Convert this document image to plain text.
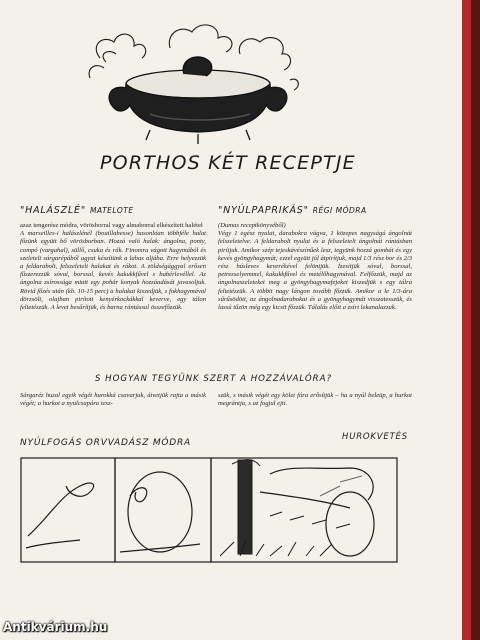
PORTHOS KÉT RECEPTJE
"HALÁSZLÉ" MATELOTE

azaz tengerész módra, vörösborral vagy almaborral elkészített halétel

A marseilles-i halászlénél (bouillabesse) hasonlóan többféle halat főzünk együtt bő vörösborban. Hozzá való halak: ángolna, ponty, compó (vargahal), süllő, csuka és rák. Finomra vágott hagymából és szeletelt sárgarépából agyat készítünk a labas aljába. Erre helyezzük a feldarabolt, felszeletelt halakat és rákot. A zöldségággyal erősen fűszerezzük sóval, borssal, kevés kakukkfűvel s babérlevéllel. Az ángolna zsírossága miatt egy pohár konyak hozzáadását javasoljuk. Rövid főzés után (kb. 10-15 perc) a halakat kiszedjük, s fokhagymával dörzsölt, olajban pirított kenyérkockákkal keverve, egy tálon feltetézzük. A levet besűrítjük, és barna rántással összefőzzük.

"NYÚLPAPRIKÁS" RÉGI MÓDRA

(Dumas receptkönyvéből)

Végy 1 egész nyulat, darabokra vágva, 1 közepes nagyságú ángolnát felszeletelve. A feldarabolt nyulat és a felszeletelt ángolnát rántásban pirítjuk. Amikor szép tejeskávészínűek lesz, tegyünk hozzá gombát és egy kevés gyöngyhagymát; ezzel együtt jól átpirítjuk, majd 1/3 rész bor és 2/3 rész húsleves keverékével felöntjük. Ízesítjük sóval, borssal, petrezselyemmel, kakukkfűvel és metélőhagymával. Felfőzzük, majd az ángolnaszeleteket meg a gyöngyhagymafejeket kiszedjük s egy tálra feltetézzük. A többit nagy lángon tovább főzzük. Amikor a le 1/3-ára sűrűsödött, az ángolnadarabokat és a gyöngyhagymát visszatesszük, és lassú tűzön még egy kicsit főzzük. Tálalás előtt a zsírt lekanalazzuk.

S HOGYAN TEGYÜNK SZERT A HOZZÁVALÓRA?

Sárgaréz huzal egyik végét hurokká csavarjuk, átvetjük rajta a másik végét; a hurkot a nyulcsapára tesz-

szük, s másik végét egy kölet fára erősítjük – ha a nyúl beleüp, a hurkot megrántja, s az fogjul ejti.

NYÚLFOGÁS ORVVADÁSZ MÓDRA
HUROKVETÉS
Antikvárium.hu
